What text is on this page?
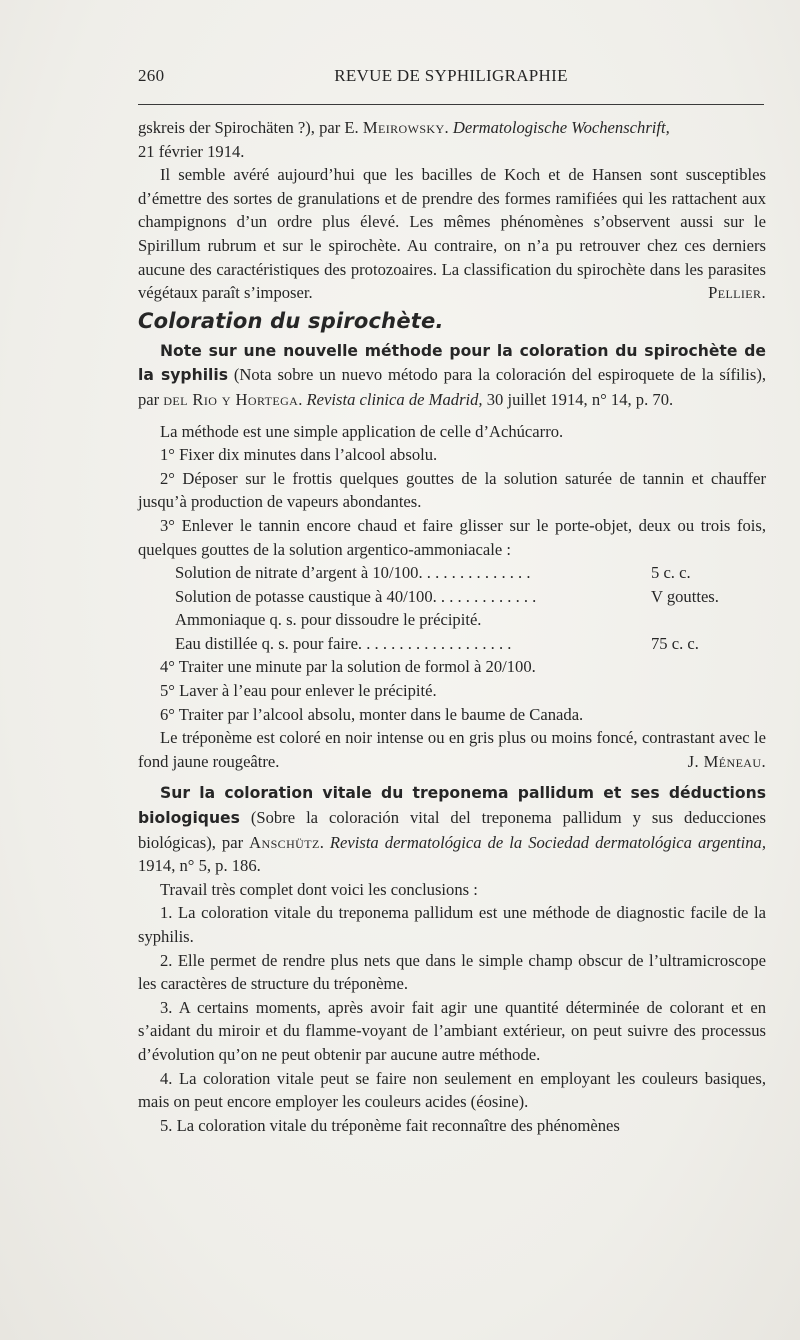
260	REVUE DE SYPHILIGRAPHIE

gskreis der Spirochäten ?), par E. Meirowsky. Dermatologische Wochenschrift,

21 février 1914.

Il semble avéré aujourd’hui que les bacilles de Koch et de Hansen sont susceptibles d’émettre des sortes de granulations et de prendre des formes ramifiées qui les rattachent aux champignons d’un ordre plus élevé. Les mêmes phénomènes s’observent aussi sur le Spirillum rubrum et sur le spirochète. Au contraire, on n’a pu retrouver chez ces derniers aucune des caractéristiques des protozoaires. La classification du spirochète dans les parasites végétaux paraît s’imposer.	Pellier.

Coloration du spirochète.

Note sur une nouvelle méthode pour la coloration du spirochète de la syphilis (Nota sobre un nuevo método para la coloración del espiroquete de la sífilis), par del Rio y Hortega. Revista clinica de Madrid, 30 juillet 1914, n° 14, p. 70.

La méthode est une simple application de celle d’Achúcarro.

1° Fixer dix minutes dans l’alcool absolu.

2° Déposer sur le frottis quelques gouttes de la solution saturée de tannin et chauffer jusqu’à production de vapeurs abondantes.

3° Enlever le tannin encore chaud et faire glisser sur le porte-objet, deux ou trois fois, quelques gouttes de la solution argentico-ammoniacale :

Solution de nitrate d’argent à 10/100. . . . . . . . . . . . . .	5 c. c.
Solution de potasse caustique à 40/100. . . . . . . . . . . . .	V gouttes.
Ammoniaque q. s. pour dissoudre le précipité.
Eau distillée q. s. pour faire. . . . . . . . . . . . . . . . . . .	75 c. c.

4° Traiter une minute par la solution de formol à 20/100.

5° Laver à l’eau pour enlever le précipité.

6° Traiter par l’alcool absolu, monter dans le baume de Canada.

Le tréponème est coloré en noir intense ou en gris plus ou moins foncé, contrastant avec le fond jaune rougeâtre.	J. Méneau.

Sur la coloration vitale du treponema pallidum et ses déductions biologiques (Sobre la coloración vital del treponema pallidum y sus deducciones biológicas), par Anschütz. Revista dermatológica de la Sociedad dermatológica argentina, 1914, n° 5, p. 186.

Travail très complet dont voici les conclusions :

1. La coloration vitale du treponema pallidum est une méthode de diagnostic facile de la syphilis.

2. Elle permet de rendre plus nets que dans le simple champ obscur de l’ultramicroscope les caractères de structure du tréponème.

3. A certains moments, après avoir fait agir une quantité déterminée de colorant et en s’aidant du miroir et du flamme-voyant de l’ambiant extérieur, on peut suivre des processus d’évolution qu’on ne peut obtenir par aucune autre méthode.

4. La coloration vitale peut se faire non seulement en employant les couleurs basiques, mais on peut encore employer les couleurs acides (éosine).

5. La coloration vitale du tréponème fait reconnaître des phénomènes
